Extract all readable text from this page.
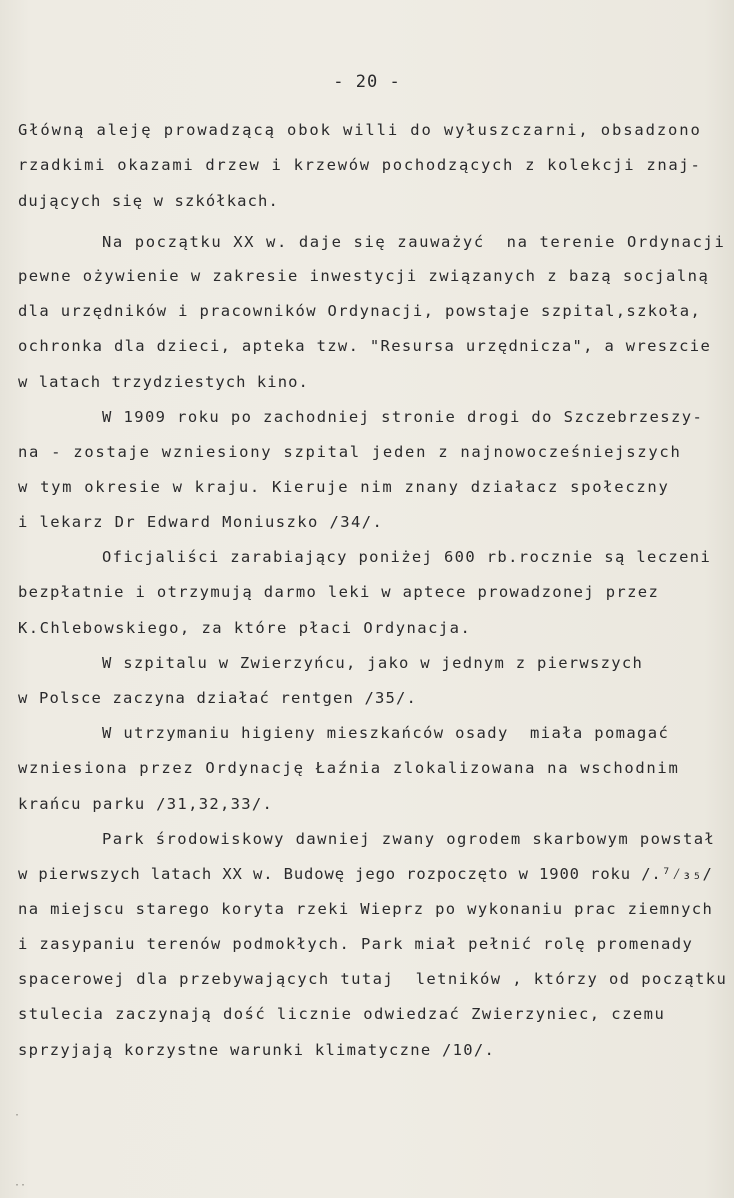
- 20 -
Główną aleję prowadzącą obok willi do wyłuszczarni, obsadzono
rzadkimi okazami drzew i krzewów pochodzących z kolekcji znaj-
dujących się w szkółkach.
Na początku XX w. daje się zauważyć  na terenie Ordynacji
pewne ożywienie w zakresie inwestycji związanych z bazą socjalną
dla urzędników i pracowników Ordynacji, powstaje szpital,szkoła,
ochronka dla dzieci, apteka tzw. "Resursa urzędnicza", a wreszcie
w latach trzydziestych kino.
W 1909 roku po zachodniej stronie drogi do Szczebrzeszy-
na - zostaje wzniesiony szpital jeden z najnowocześniejszych
w tym okresie w kraju. Kieruje nim znany działacz społeczny
i lekarz Dr Edward Moniuszko /34/.
Oficjaliści zarabiający poniżej 600 rb.rocznie są leczeni
bezpłatnie i otrzymują darmo leki w aptece prowadzonej przez
K.Chlebowskiego, za które płaci Ordynacja.
W szpitalu w Zwierzyńcu, jako w jednym z pierwszych
w Polsce zaczyna działać rentgen /35/.
W utrzymaniu higieny mieszkańców osady  miała pomagać
wzniesiona przez Ordynację Łaźnia zlokalizowana na wschodnim
krańcu parku /31,32,33/.
Park środowiskowy dawniej zwany ogrodem skarbowym powstał
w pierwszych latach XX w. Budowę jego rozpoczęto w 1900 roku /.⁷⁄₃₅/
na miejscu starego koryta rzeki Wieprz po wykonaniu prac ziemnych
i zasypaniu terenów podmokłych. Park miał pełnić rolę promenady
spacerowej dla przebywających tutaj  letników , którzy od początku
stulecia zaczynają dość licznie odwiedzać Zwierzyniec, czemu
sprzyjają korzystne warunki klimatyczne /10/.
·
··
